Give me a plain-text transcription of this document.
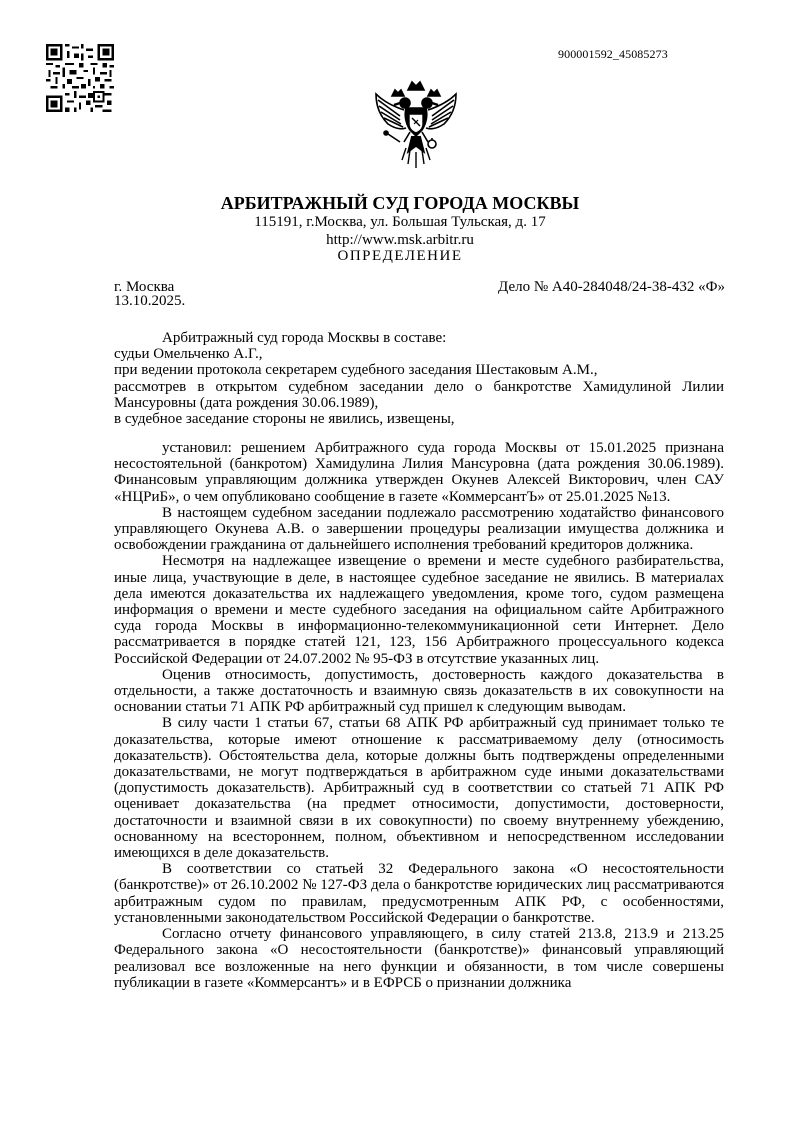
900001592_45085273
АРБИТРАЖНЫЙ СУД ГОРОДА МОСКВЫ
115191, г.Москва, ул. Большая Тульская, д. 17
http://www.msk.arbitr.ru
ОПРЕДЕЛЕНИЕ
г. Москва
13.10.2025.
Дело № А40-284048/24-38-432 «Ф»

Арбитражный суд города Москвы в составе:

судьи Омельченко А.Г.,

при ведении протокола секретарем судебного заседания Шестаковым А.М.,

рассмотрев в открытом судебном заседании дело о банкротстве Хамидулиной Лилии Мансуровны (дата рождения 30.06.1989),

в судебное заседание стороны не явились, извещены,

установил: решением Арбитражного суда города Москвы от 15.01.2025 признана несостоятельной (банкротом) Хамидулина Лилия Мансуровна (дата рождения 30.06.1989). Финансовым управляющим должника утвержден Окунев Алексей Викторович, член САУ «НЦРиБ», о чем опубликовано сообщение в газете «КоммерсантЪ» от 25.01.2025 №13.

В настоящем судебном заседании подлежало рассмотрению ходатайство финансового управляющего Окунева А.В. о завершении процедуры реализации имущества должника и освобождении гражданина от дальнейшего исполнения требований кредиторов должника.

Несмотря на надлежащее извещение о времени и месте судебного разбирательства, иные лица, участвующие в деле, в настоящее судебное заседание не явились. В материалах дела имеются доказательства их надлежащего уведомления, кроме того, судом размещена информация о времени и месте судебного заседания на официальном сайте Арбитражного суда города Москвы в информационно-телекоммуникационной сети Интернет. Дело рассматривается в порядке статей 121, 123, 156 Арбитражного процессуального кодекса Российской Федерации от 24.07.2002 № 95-ФЗ в отсутствие указанных лиц.

Оценив относимость, допустимость, достоверность каждого доказательства в отдельности, а также достаточность и взаимную связь доказательств в их совокупности на основании статьи 71 АПК РФ арбитражный суд пришел к следующим выводам.

В силу части 1 статьи 67, статьи 68 АПК РФ арбитражный суд принимает только те доказательства, которые имеют отношение к рассматриваемому делу (относимость доказательств). Обстоятельства дела, которые должны быть подтверждены определенными доказательствами, не могут подтверждаться в арбитражном суде иными доказательствами (допустимость доказательств). Арбитражный суд в соответствии со статьей 71 АПК РФ оценивает доказательства (на предмет относимости, допустимости, достоверности, достаточности и взаимной связи в их совокупности) по своему внутреннему убеждению, основанному на всестороннем, полном, объективном и непосредственном исследовании имеющихся в деле доказательств.

В соответствии со статьей 32 Федерального закона «О несостоятельности (банкротстве)» от 26.10.2002 № 127-ФЗ дела о банкротстве юридических лиц рассматриваются арбитражным судом по правилам, предусмотренным АПК РФ, с особенностями, установленными законодательством Российской Федерации о банкротстве.

Согласно отчету финансового управляющего, в силу статей 213.8, 213.9 и 213.25 Федерального закона «О несостоятельности (банкротстве)» финансовый управляющий реализовал все возложенные на него функции и обязанности, в том числе совершены публикации в газете «Коммерсантъ» и в ЕФРСБ о признании должника
